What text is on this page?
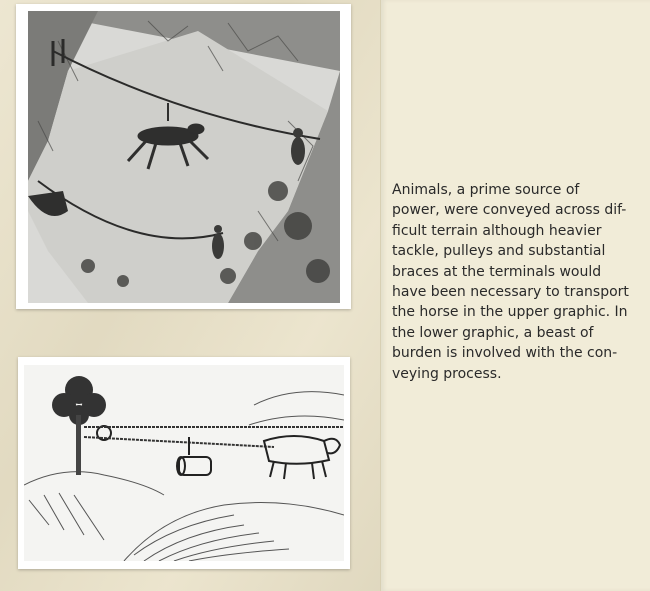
Animals, a prime source of
power, were conveyed across dif-
ficult terrain although heavier
tackle, pulleys and substantial
braces at the terminals would
have been necessary to transport
the horse in the upper graphic. In
the lower graphic, a beast of
burden is involved with the con-
veying process.
